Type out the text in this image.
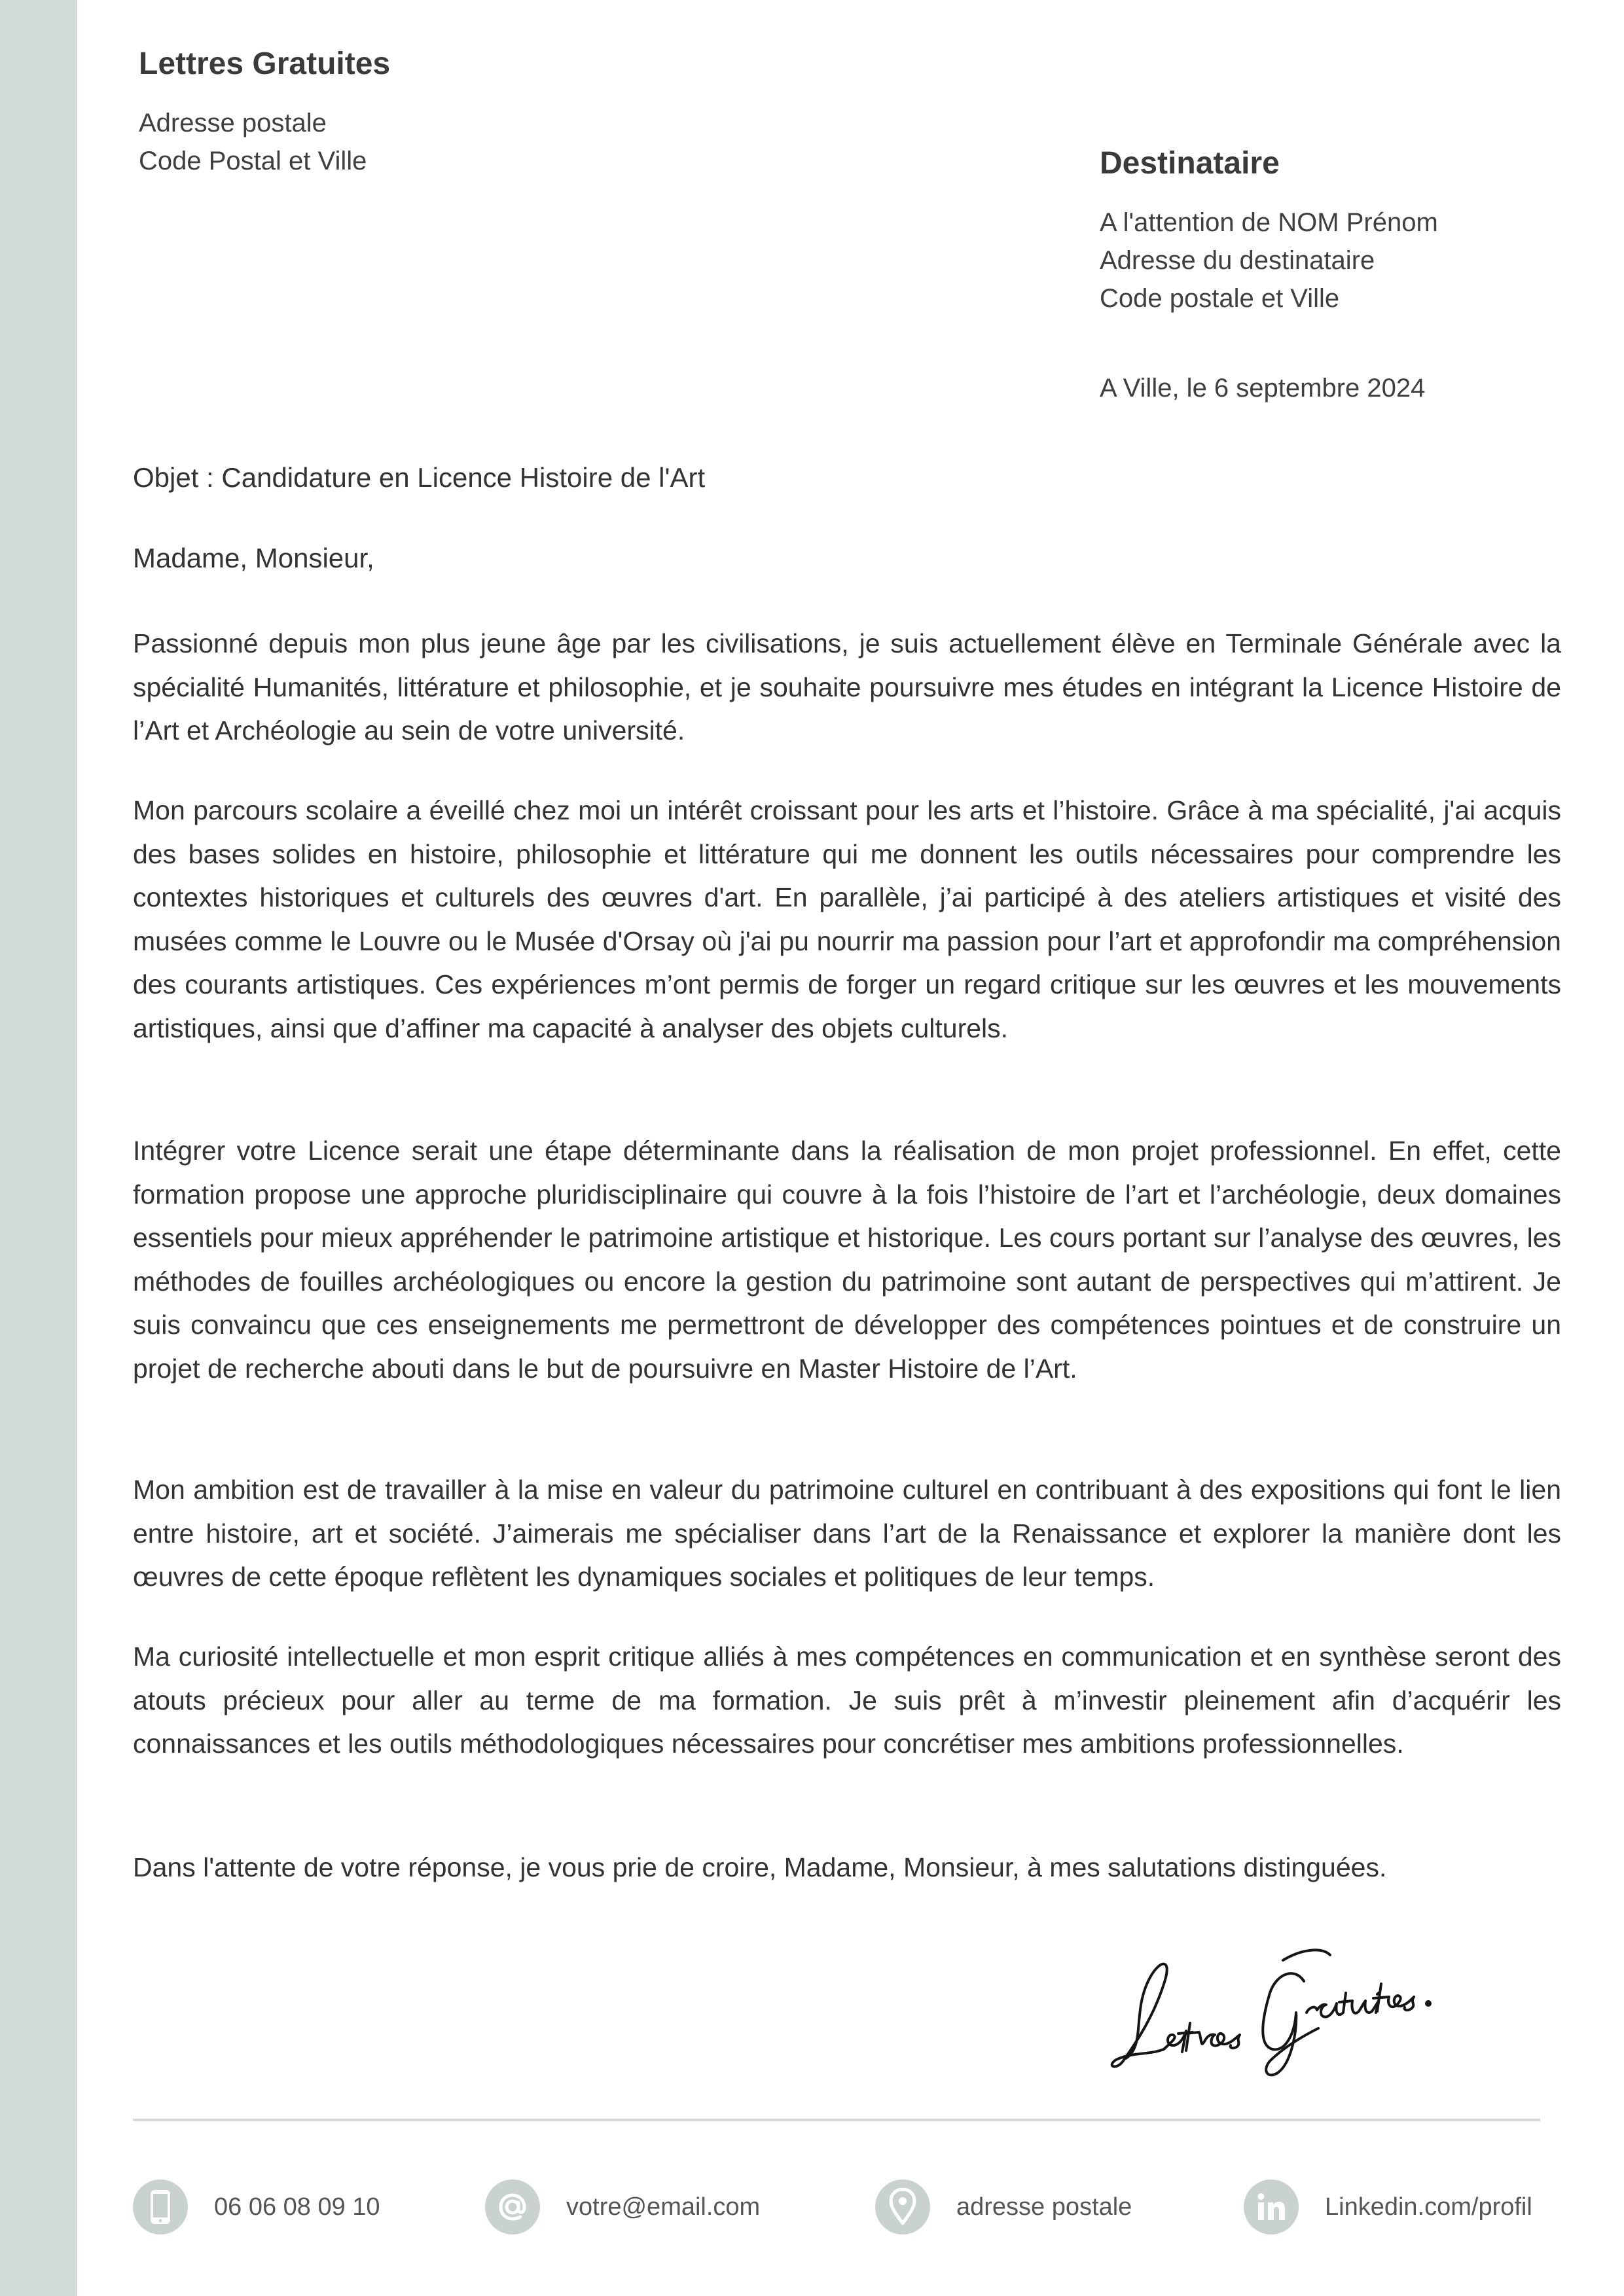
Lettres Gratuites
Adresse postale
Code Postal et Ville	Destinataire
A l'attention de NOM Prénom
Adresse du destinataire
Code postale et Ville
A Ville, le 6 septembre 2024
Objet : Candidature en Licence Histoire de l'Art
Madame, Monsieur,

Passionné depuis mon plus jeune âge par les civilisations, je suis actuellement élève en Terminale Générale avec la spécialité Humanités, littérature et philosophie, et je souhaite poursuivre mes études en intégrant la Licence Histoire de l’Art et Archéologie au sein de votre université.

Mon parcours scolaire a éveillé chez moi un intérêt croissant pour les arts et l’histoire. Grâce à ma spécialité, j'ai acquis des bases solides en histoire, philosophie et littérature qui me donnent les outils nécessaires pour comprendre les contextes historiques et culturels des œuvres d'art. En parallèle, j’ai participé à des ateliers artistiques et visité des musées comme le Louvre ou le Musée d'Orsay où j'ai pu nourrir ma passion pour l’art et approfondir ma compréhension des courants artistiques. Ces expériences m’ont permis de forger un regard critique sur les œuvres et les mouvements artistiques, ainsi que d’affiner ma capacité à analyser des objets culturels.

Intégrer votre Licence serait une étape déterminante dans la réalisation de mon projet professionnel. En effet, cette formation propose une approche pluridisciplinaire qui couvre à la fois l’histoire de l’art et l’archéologie, deux domaines essentiels pour mieux appréhender le patrimoine artistique et historique. Les cours portant sur l’analyse des œuvres, les méthodes de fouilles archéologiques ou encore la gestion du patrimoine sont autant de perspectives qui m’attirent. Je suis convaincu que ces enseignements me permettront de développer des compétences pointues et de construire un projet de recherche abouti dans le but de poursuivre en Master Histoire de l’Art.

Mon ambition est de travailler à la mise en valeur du patrimoine culturel en contribuant à des expositions qui font le lien entre histoire, art et société. J’aimerais me spécialiser dans l’art de la Renaissance et explorer la manière dont les œuvres de cette époque reflètent les dynamiques sociales et politiques de leur temps.

Ma curiosité intellectuelle et mon esprit critique alliés à mes compétences en communication et en synthèse seront des atouts précieux pour aller au terme de ma formation. Je suis prêt à m’investir pleinement afin d’acquérir les connaissances et les outils méthodologiques nécessaires pour concrétiser mes ambitions professionnelles.

Dans l'attente de votre réponse, je vous prie de croire, Madame, Monsieur, à mes salutations distinguées.

06 06 08 09 10	votre@email.com	adresse postale	Linkedin.com/profil
